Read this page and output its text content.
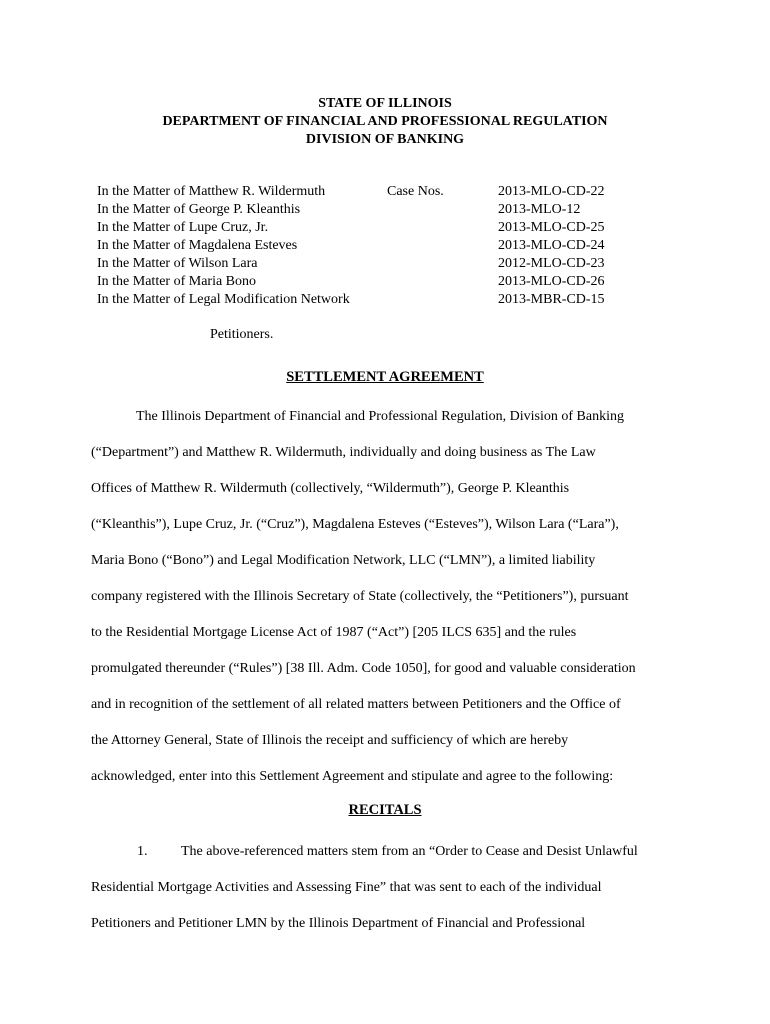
STATE OF ILLINOIS
DEPARTMENT OF FINANCIAL AND PROFESSIONAL REGULATION
DIVISION OF BANKING
In the Matter of Matthew R. Wildermuth
In the Matter of George P. Kleanthis
In the Matter of Lupe Cruz, Jr.
In the Matter of Magdalena Esteves
In the Matter of Wilson Lara
In the Matter of Maria Bono
In the Matter of Legal Modification Network
Case Nos.	2013-MLO-CD-22
2013-MLO-12
2013-MLO-CD-25
2013-MLO-CD-24
2012-MLO-CD-23
2013-MLO-CD-26
2013-MBR-CD-15
Petitioners.
SETTLEMENT AGREEMENT
The Illinois Department of Financial and Professional Regulation, Division of Banking
(“Department”) and Matthew R. Wildermuth, individually and doing business as The Law
Offices of Matthew R. Wildermuth (collectively, “Wildermuth”), George P. Kleanthis
(“Kleanthis”), Lupe Cruz, Jr. (“Cruz”), Magdalena Esteves (“Esteves”), Wilson Lara (“Lara”),
Maria Bono (“Bono”) and Legal Modification Network, LLC (“LMN”), a limited liability
company registered with the Illinois Secretary of State (collectively, the “Petitioners”), pursuant
to the Residential Mortgage License Act of 1987 (“Act”) [205 ILCS 635] and the rules
promulgated thereunder (“Rules”) [38 Ill. Adm. Code 1050], for good and valuable consideration
and in recognition of the settlement of all related matters between Petitioners and the Office of
the Attorney General, State of Illinois the receipt and sufficiency of which are hereby
acknowledged, enter into this Settlement Agreement and stipulate and agree to the following:
RECITALS
1. The above-referenced matters stem from an “Order to Cease and Desist Unlawful
Residential Mortgage Activities and Assessing Fine” that was sent to each of the individual
Petitioners and Petitioner LMN by the Illinois Department of Financial and Professional
